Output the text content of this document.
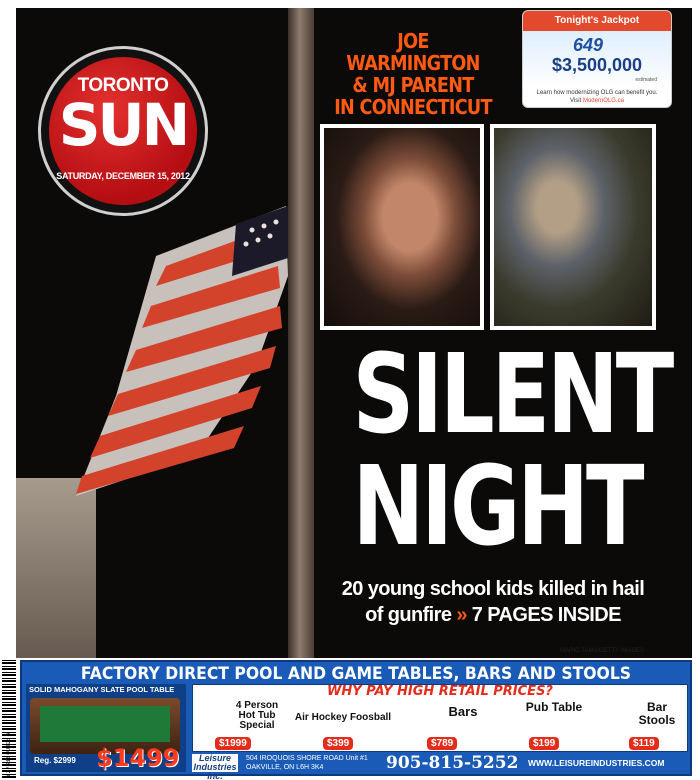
TORONTO
SUN
SATURDAY, DECEMBER 15, 2012
JOE WARMINGTON
& MJ PARENT
IN CONNECTICUT
Tonight's Jackpot
649
$3,500,000
estimated
Learn how modernizing OLG can benefit you.
Visit ModernOLG.ca
SILENT
NIGHT
20 young school kids killed in hail
of gunfire » 7 PAGES INSIDE
MARIO TAMA/GETTY IMAGES
6 27832 00006 6
FACTORY DIRECT POOL AND GAME TABLES, BARS AND STOOLS
SOLID MAHOGANY SLATE POOL TABLE
Reg. $2999 $1499
WHY PAY HIGH RETAIL PRICES?
4 Person Hot Tub Special
$1999
Air Hockey Foosball
$399
Bars
$789
Pub Table
$199
Bar Stools
$119
Leisure Industries Inc.
504 IROQUOIS SHORE ROAD Unit #1
OAKVILLE, ON L6H 3K4	905-815-5252 WWW.LEISUREINDUSTRIES.COM
